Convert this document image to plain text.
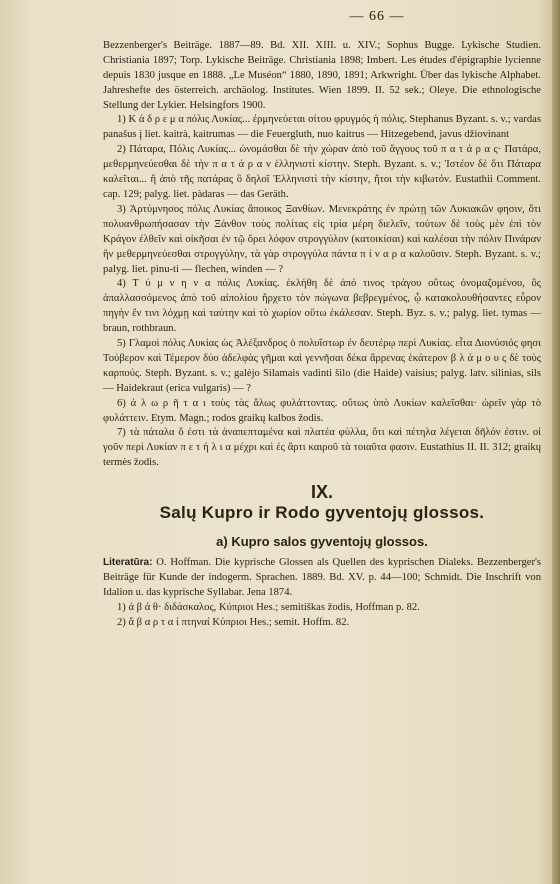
— 66 —

Bezzenberger's Beiträge. 1887—89. Bd. XII. XIII. u. XIV.; Sophus Bugge. Lykische Studien. Christiania 1897; Torp. Lykische Beiträge. Christiania 1898; Imbert. Les études d'épigraphie lycienne depuis 1830 jusque en 1888. „Le Muséon“ 1880, 1890, 1891; Arkwright. Über das lykische Alphabet. Jahreshefte des österreich. archäolog. Institutes. Wien 1899. II. 52 sek.; Oleye. Die ethnologische Stellung der Lykier. Helsingfors 1900.

1) Κ ά δ ρ ε μ α πόλις Λυκίας... ἐρμηνεύεται σίτου φρυγμός ἡ πόλις. Stephanus Byzant. s. v.; vardas panašus į liet. kaitrà, kaitrumas — die Feuergluth, nuo kaitrus — Hitzegebend, javus džiovinant

2) Πάταρα, Πόλις Λυκίας... ὠνομάσθαι δὲ τὴν χώραν ἀπὸ τοῦ ἄγγους τοῦ π α τ ά ρ α ς· Πατάρα, μεθερμηνεύεσθαι δὲ τὴν π α τ ά ρ α ν ἑλληνιστὶ κίστην. Steph. Byzant. s. v.; Ἰστέον δὲ ὅτι Πάταρα καλεῖται... ἢ ἀπὸ τῆς πατάρας ὃ δηλοῖ Ἑλληνιστὶ τὴν κίστην, ἤτοι τὴν κιβωτόν. Eustathii Comment. cap. 129; palyg. liet. pàdaras — das Geräth.

3) Ἀρτύμνησος πόλις Λυκίας ἄποικος Ξανθίων. Μενεκράτης ἐν πρώτῃ τῶν Λυκιακῶν φησιν, ὅτι πολυανθρωπήσασαν τὴν Ξάνθον τοὺς πολίτας εἰς τρία μέρη διελεῖν, τούτων δὲ τοὺς μὲν ἐπὶ τὸν Κράγον ἐλθεῖν καὶ οἰκῆσαι ἐν τῷ ὄρει λόφον στρογγύλον (κατοικίσαι) καὶ καλέσαι τὴν πόλιν Πινάραν ἣν μεθερμηνεύεσθαι στρογγύλην, τὰ γὰρ στρογγύλα πάντα π ί ν α ρ α καλοῦσιν. Steph. Byzant. s. v.; palyg. liet. pìnu-ti — flechen, winden — ?

4) Τ ύ μ ν η ν α πόλις Λυκίας. ἐκλήθη δὲ ἀπό τινος τράγου οὕτως ὀνομαζομένου, ὃς ἀπαλλασσόμενος ἀπὸ τοῦ αἰπολίου ἤρχετο τὸν πώγωνα βεβρεγμένος, ᾧ κατακολουθήσαντες εὗρον πηγὴν ἔν τινι λόχμῃ καὶ ταύτην καὶ τὸ χωρίον οὕτω ἐκάλεσαν. Steph. Byz. s. v.; palyg. liet. tymas — braun, rothbraun.

5) Γλαμοὶ πόλις Λυκίας ὡς Ἀλέξανδρος ὁ πολυΐστωρ ἐν δευτέρῳ περὶ Λυκίας. εἶτα Διονύσιός φησι Τούβερον καὶ Τέμερον δύο ἀδελφὰς γῆμαι καὶ γεννῆσαι δέκα ἄρρενας ἑκάτερον β λ ά μ ο υ ς δὲ τοὺς καρπούς. Steph. Byzant. s. v.; galėjo Silamais vadinti šilo (die Haide) vaisius; palyg. latv. silinias, sils — Haidekraut (erica vulgaris) — ?

6) ἀ λ ω ρ ῆ τ α ι τοὺς τὰς ἅλως φυλάττοντας. οὕτως ὑπὸ Λυκίων καλεῖσθαι· ὠρεῖν γὰρ τὸ φυλάττειν. Etym. Magn.; rodos graikų kalbos žodis.

7) τὰ πάταλα ὅ ἐστι τὰ ἀναπεπταμένα καὶ πλατέα φύλλα, ὅτι καὶ πέτηλα λέγεται δῆλόν ἐστιν. οἱ γοῦν περὶ Λυκίαν π ε τ ή λ ι α μέχρι καὶ ἐς ἄρτι καιροῦ τὰ τοιαῦτα φασιν. Eustathius II. II. 312; graikų termės žodis.

IX.
Salų Kupro ir Rodo gyventojų glossos.
a) Kupro salos gyventojų glossos.

Literatūra: O. Hoffman. Die kyprische Glossen als Quellen des kyprischen Dialeks. Bezzenberger's Beiträge für Kunde der indogerm. Sprachen. 1889. Bd. XV. p. 44—100; Schmidt. Die Inschrift von Idalion u. das kyprische Syllabar. Jena 1874.

1) ἀ β ά θ· διδάσκαλος, Κύπριοι Hes.; semitiškas žodis, Hoffman p. 82.

2) ἄ β α ρ τ α ί πτηναί Κύπριοι Hes.; semit. Hoffm. 82.
